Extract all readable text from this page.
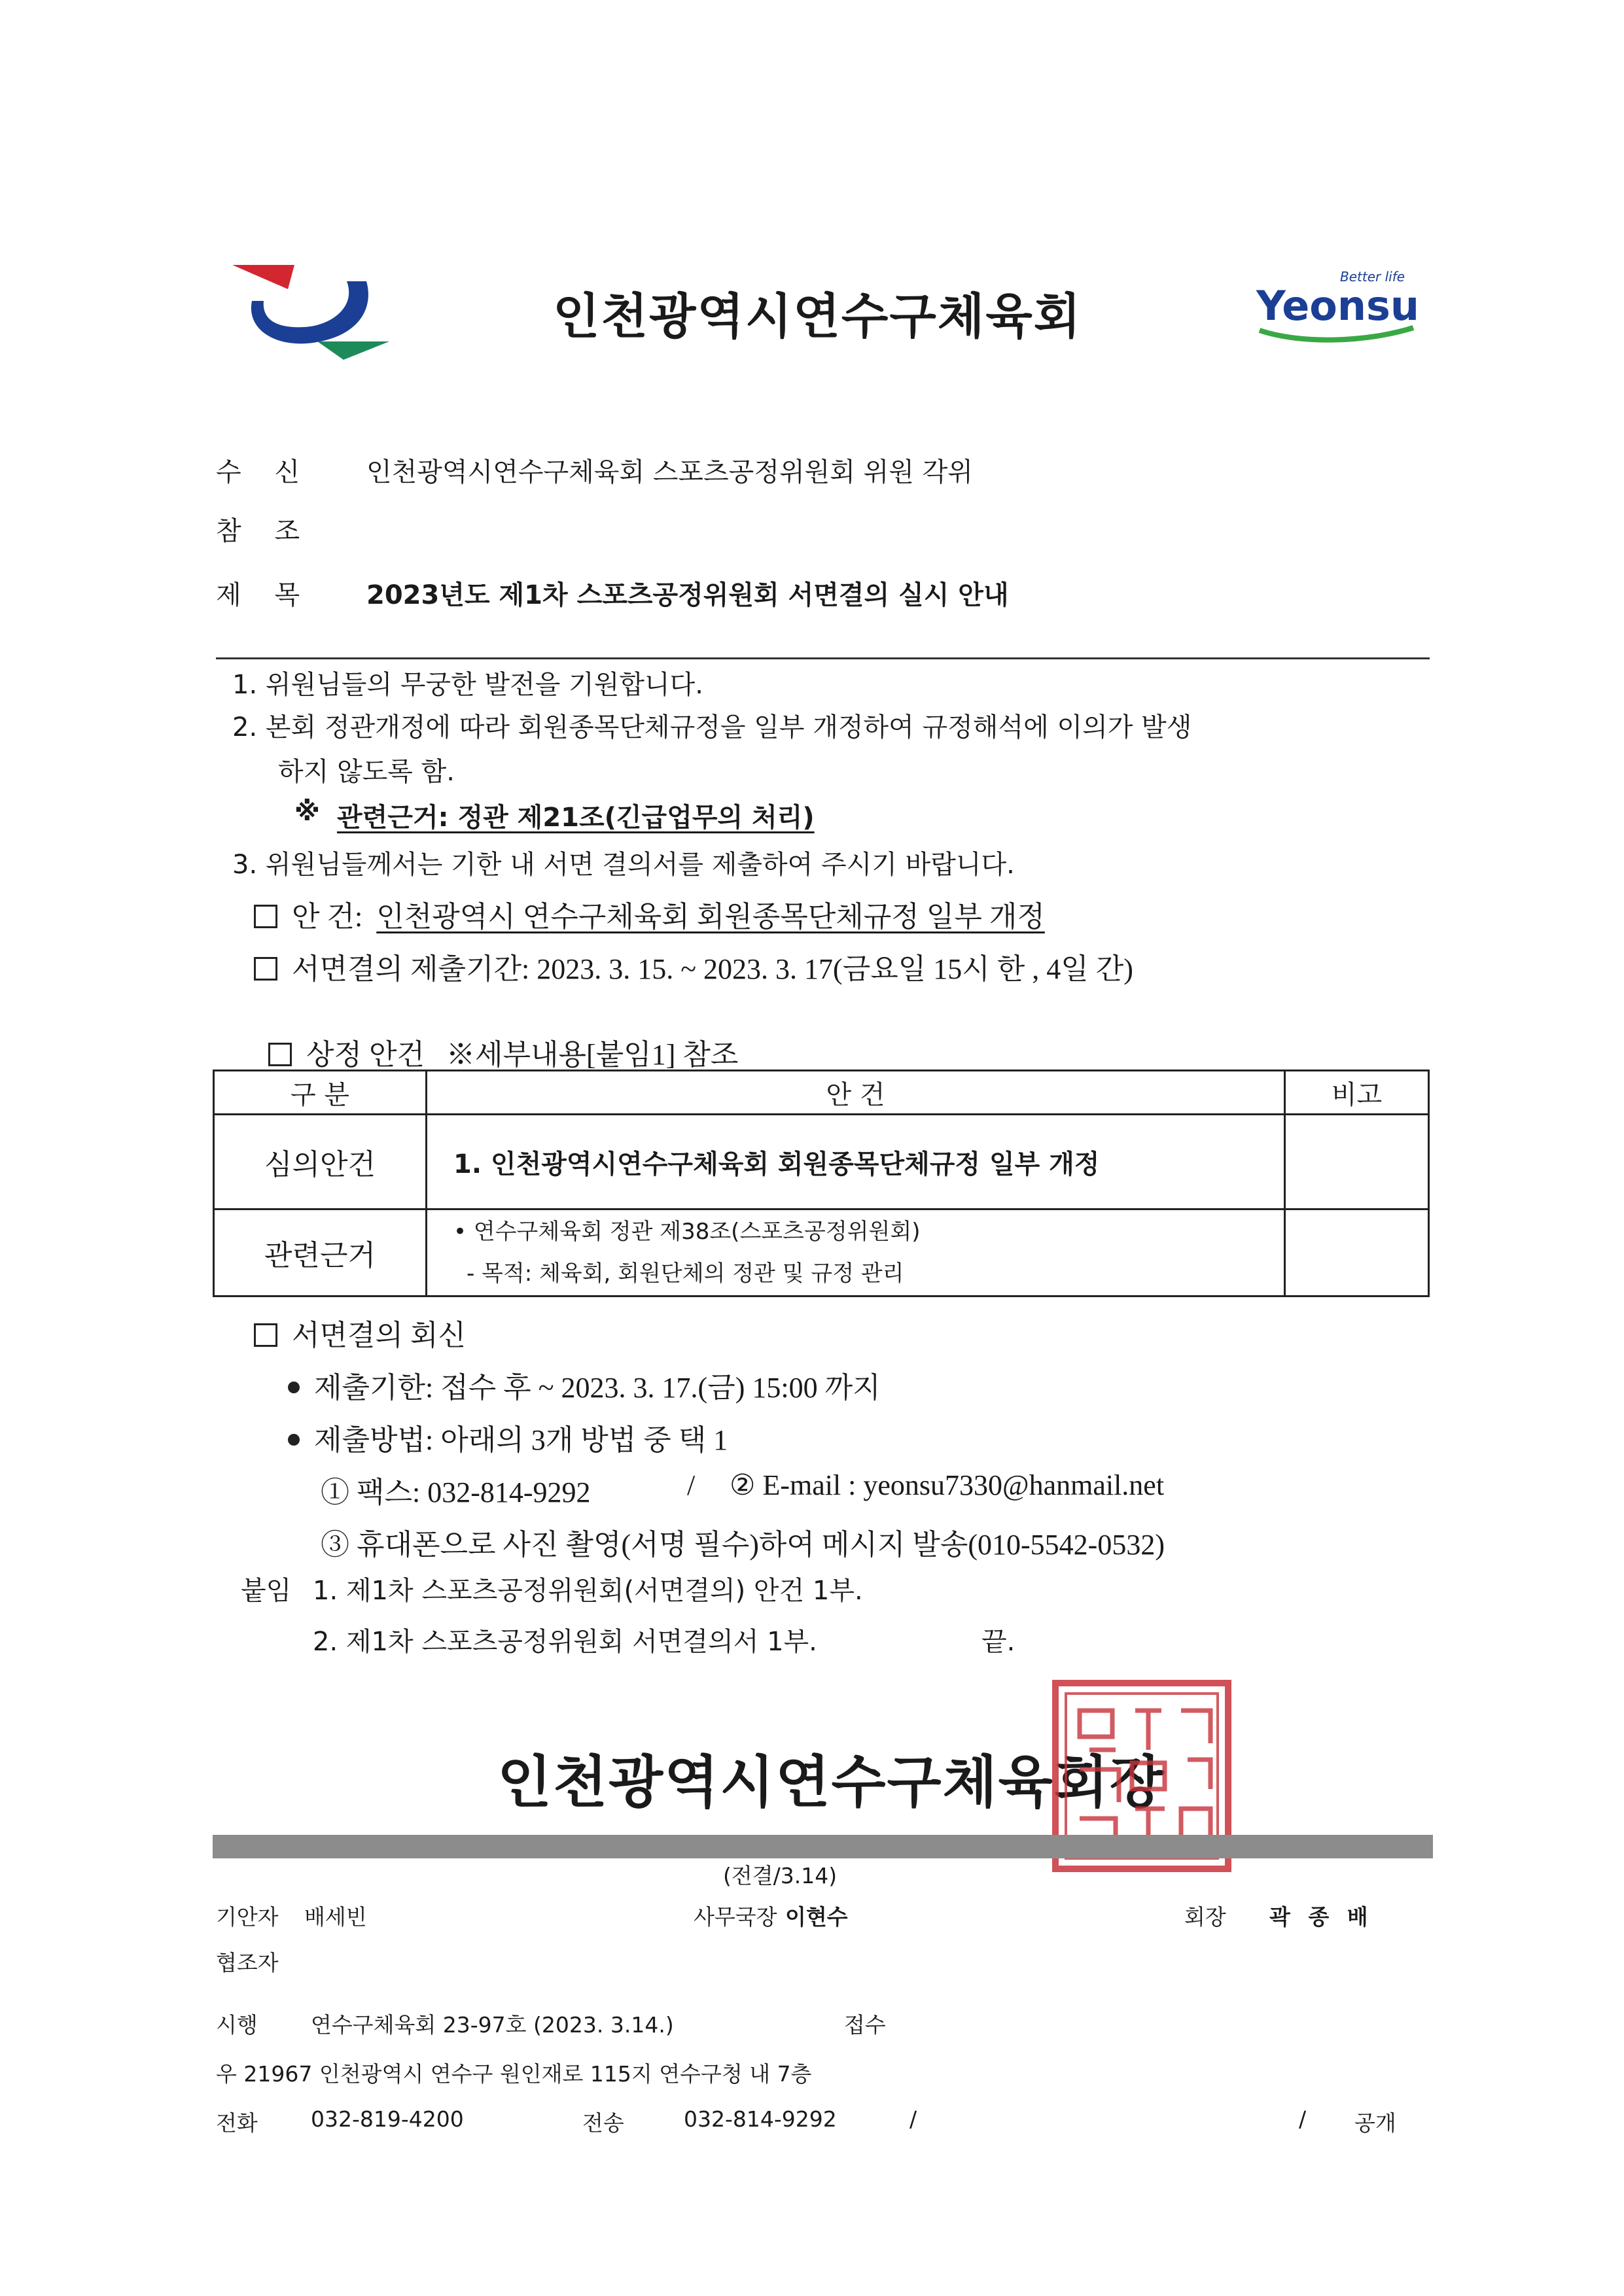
인천광역시연수구체육회
Better life
Yeonsu
수    신	인천광역시연수구체육회 스포츠공정위원회 위원 각위
참    조
제    목	2023년도 제1차 스포츠공정위원회 서면결의 실시 안내
1. 위원님들의 무궁한 발전을 기원합니다.
2. 본회 정관개정에 따라 회원종목단체규정을 일부 개정하여 규정해석에 이의가 발생
하지 않도록 함.
※ 관련근거: 정관 제21조(긴급업무의 처리)
3. 위원님들께서는 기한 내 서면 결의서를 제출하여 주시기 바랍니다.
안 건: 인천광역시 연수구체육회 회원종목단체규정 일부 개정
서면결의 제출기간: 2023. 3. 15. ~ 2023. 3. 17(금요일 15시 한 , 4일 간)

상정 안건   ※세부내용[붙임1] 참조

구 분	안 건	비고
심의안건	1. 인천광역시연수구체육회 회원종목단체규정 일부 개정	
관련근거	• 연수구체육회 정관 제38조(스포츠공정위원회)
- 목적: 체육회, 회원단체의 정관 및 규정 관리	

서면결의 회신
제출기한: 접수 후 ~ 2023. 3. 17.(금) 15:00 까지
제출방법: 아래의 3개 방법 중 택 1
① 팩스: 032-814-9292	/ ② E-mail : yeonsu7330@hanmail.net
③ 휴대폰으로 사진 촬영(서명 필수)하여 메시지 발송(010-5542-0532)
붙임 1. 제1차 스포츠공정위원회(서면결의) 안건 1부.
2. 제1차 스포츠공정위원회 서면결의서 1부.	끝.
인천광역시연수구체육회장
(전결/3.14)
기안자 배세빈	사무국장 이현수	회장 곽 종 배
협조자
시행 연수구체육회 23-97호 (2023. 3.14.)	접수
우 21967 인천광역시 연수구 원인재로 115지 연수구청 내 7층
전화 032-819-4200	전송	032-814-9292	/	/ 공개
